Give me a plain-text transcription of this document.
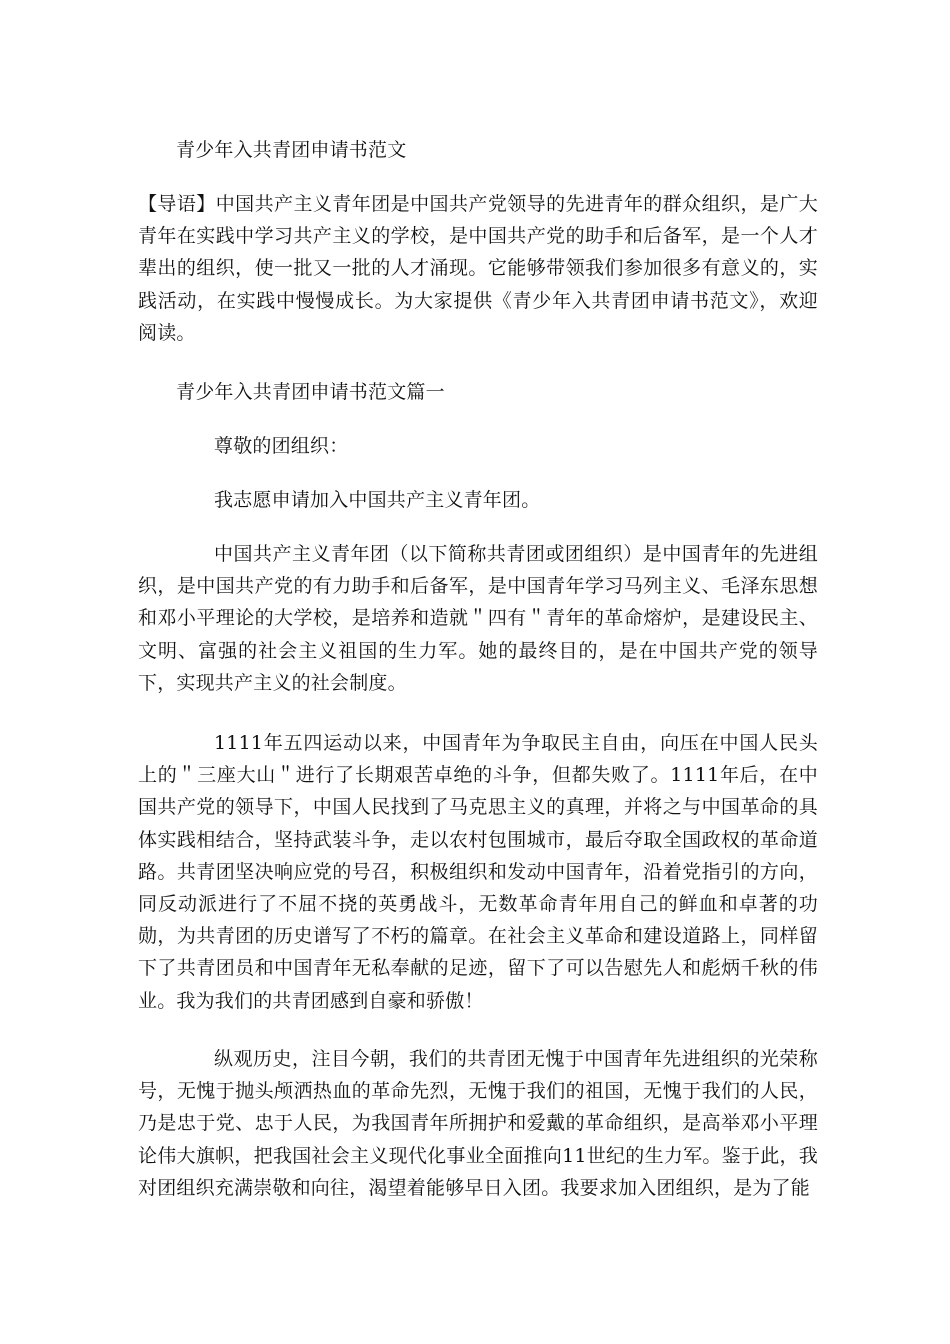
青少年入共青团申请书范文

【导语】中国共产主义青年团是中国共产党领导的先进青年的群众组织，是广大青年在实践中学习共产主义的学校，是中国共产党的助手和后备军，是一个人才辈出的组织，使一批又一批的人才涌现。它能够带领我们参加很多有意义的，实践活动，在实践中慢慢成长。为大家提供《青少年入共青团申请书范文》，欢迎阅读。

青少年入共青团申请书范文篇一

尊敬的团组织：

我志愿申请加入中国共产主义青年团。

中国共产主义青年团（以下简称共青团或团组织）是中国青年的先进组织，是中国共产党的有力助手和后备军，是中国青年学习马列主义、毛泽东思想和邓小平理论的大学校，是培养和造就＂四有＂青年的革命熔炉，是建设民主、文明、富强的社会主义祖国的生力军。她的最终目的，是在中国共产党的领导下，实现共产主义的社会制度。

1111年五四运动以来，中国青年为争取民主自由，向压在中国人民头上的＂三座大山＂进行了长期艰苦卓绝的斗争，但都失败了。1111年后，在中国共产党的领导下，中国人民找到了马克思主义的真理，并将之与中国革命的具体实践相结合，坚持武装斗争，走以农村包围城市，最后夺取全国政权的革命道路。共青团坚决响应党的号召，积极组织和发动中国青年，沿着党指引的方向，同反动派进行了不屈不挠的英勇战斗，无数革命青年用自己的鲜血和卓著的功勋，为共青团的历史谱写了不朽的篇章。在社会主义革命和建设道路上，同样留下了共青团员和中国青年无私奉献的足迹，留下了可以告慰先人和彪炳千秋的伟业。我为我们的共青团感到自豪和骄傲！

纵观历史，注目今朝，我们的共青团无愧于中国青年先进组织的光荣称号，无愧于抛头颅洒热血的革命先烈，无愧于我们的祖国，无愧于我们的人民，乃是忠于党、忠于人民，为我国青年所拥护和爱戴的革命组织，是高举邓小平理论伟大旗帜，把我国社会主义现代化事业全面推向11世纪的生力军。鉴于此，我对团组织充满崇敬和向往，渴望着能够早日入团。我要求加入团组织，是为了能
